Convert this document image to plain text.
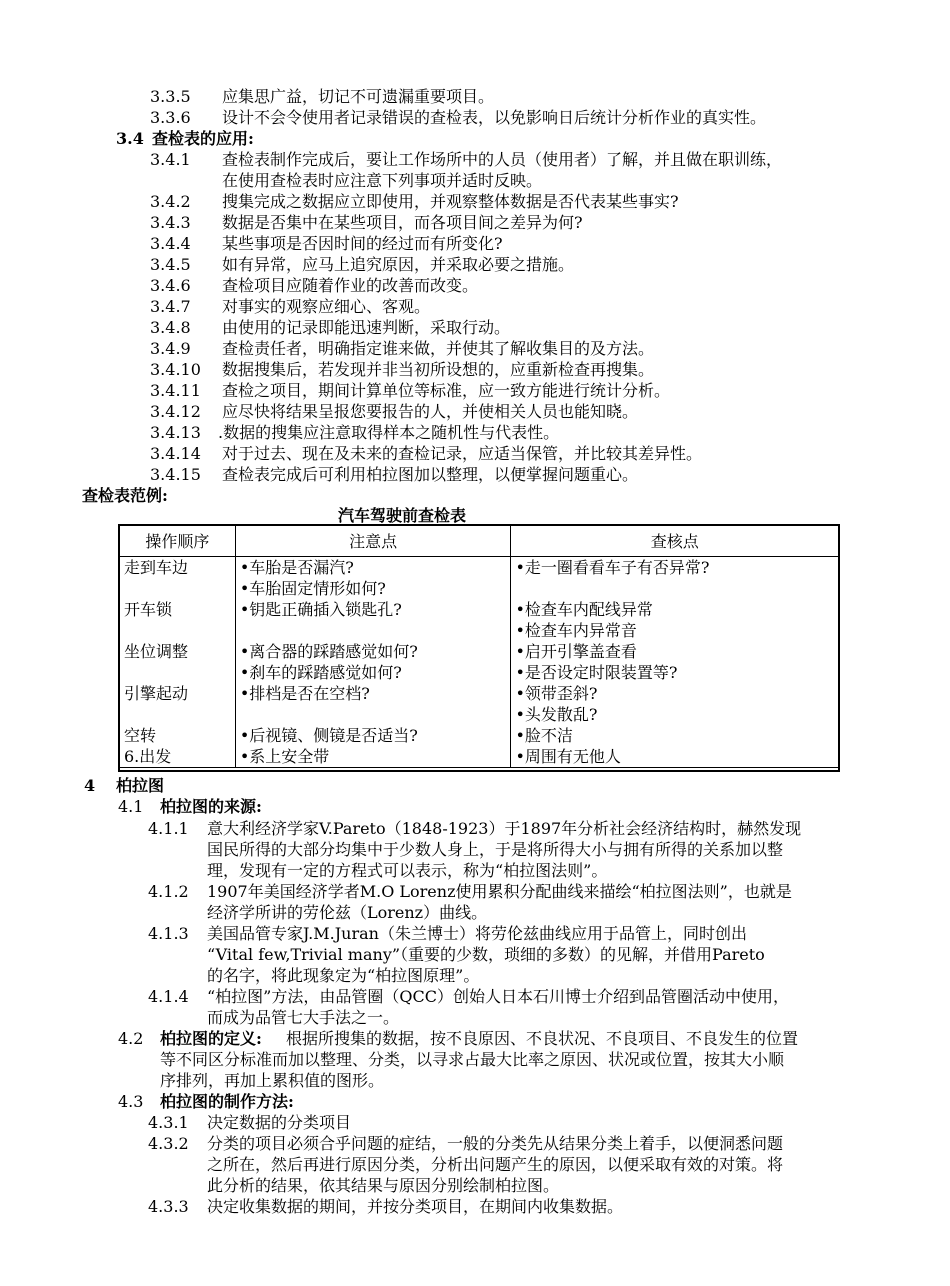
3.3.5 应集思广益，切记不可遗漏重要项目。
3.3.6 设计不会令使用者记录错误的查检表，以免影响日后统计分析作业的真实性。
3.4 查检表的应用:
3.4.1 查检表制作完成后，要让工作场所中的人员（使用者）了解，并且做在职训练，
在使用查检表时应注意下列事项并适时反映。
3.4.2 搜集完成之数据应立即使用，并观察整体数据是否代表某些事实?
3.4.3 数据是否集中在某些项目，而各项目间之差异为何?
3.4.4 某些事项是否因时间的经过而有所变化?
3.4.5 如有异常，应马上追究原因，并采取必要之措施。
3.4.6 查检项目应随着作业的改善而改变。
3.4.7 对事实的观察应细心、客观。
3.4.8 由使用的记录即能迅速判断，采取行动。
3.4.9 查检责任者，明确指定谁来做，并使其了解收集目的及方法。
3.4.10 数据搜集后，若发现并非当初所设想的，应重新检查再搜集。
3.4.11 查检之项目，期间计算单位等标准，应一致方能进行统计分析。
3.4.12 应尽快将结果呈报您要报告的人，并使相关人员也能知晓。
3.4.13 .数据的搜集应注意取得样本之随机性与代表性。
3.4.14 对于过去、现在及未来的查检记录，应适当保管，并比较其差异性。
3.4.15 查检表完成后可利用柏拉图加以整理，以便掌握问题重心。
查检表范例:
汽车驾驶前查检表
操作顺序	注意点	查核点
走到车边	•车胎是否漏汽?	•走一圈看看车子有否异常?
	•车胎固定情形如何?	
开车锁	•钥匙正确插入锁匙孔?	•检查车内配线异常
		•检查车内异常音
坐位调整	•离合器的踩踏感觉如何?	•启开引擎盖查看
	•刹车的踩踏感觉如何?	•是否设定时限装置等?
引擎起动	•排档是否在空档?	•领带歪斜?
		•头发散乱?
空转	•后视镜、侧镜是否适当?	•脸不洁
6.出发	•系上安全带	•周围有无他人
4 柏拉图
4.1 柏拉图的来源:
4.1.1 意大利经济学家V.Pareto（1848-1923）于1897年分析社会经济结构时，赫然发现
国民所得的大部分均集中于少数人身上，于是将所得大小与拥有所得的关系加以整
理，发现有一定的方程式可以表示，称为“柏拉图法则”。
4.1.2 1907年美国经济学者M.O Lorenz使用累积分配曲线来描绘“柏拉图法则”，也就是
经济学所讲的劳伦兹（Lorenz）曲线。
4.1.3 美国品管专家J.M.Juran（朱兰博士）将劳伦兹曲线应用于品管上，同时创出
“Vital few,Trivial many”（重要的少数，琐细的多数）的见解，并借用Pareto
的名字，将此现象定为“柏拉图原理”。
4.1.4 “柏拉图”方法，由品管圈（QCC）创始人日本石川博士介绍到品管圈活动中使用，
而成为品管七大手法之一。
4.2 柏拉图的定义: 根据所搜集的数据，按不良原因、不良状况、不良项目、不良发生的位置
等不同区分标准而加以整理、分类，以寻求占最大比率之原因、状况或位置，按其大小顺
序排列，再加上累积值的图形。
4.3 柏拉图的制作方法:
4.3.1 决定数据的分类项目
4.3.2 分类的项目必须合乎问题的症结，一般的分类先从结果分类上着手，以便洞悉问题
之所在，然后再进行原因分类，分析出问题产生的原因，以便采取有效的对策。将
此分析的结果，依其结果与原因分别绘制柏拉图。
4.3.3 决定收集数据的期间，并按分类项目，在期间内收集数据。
